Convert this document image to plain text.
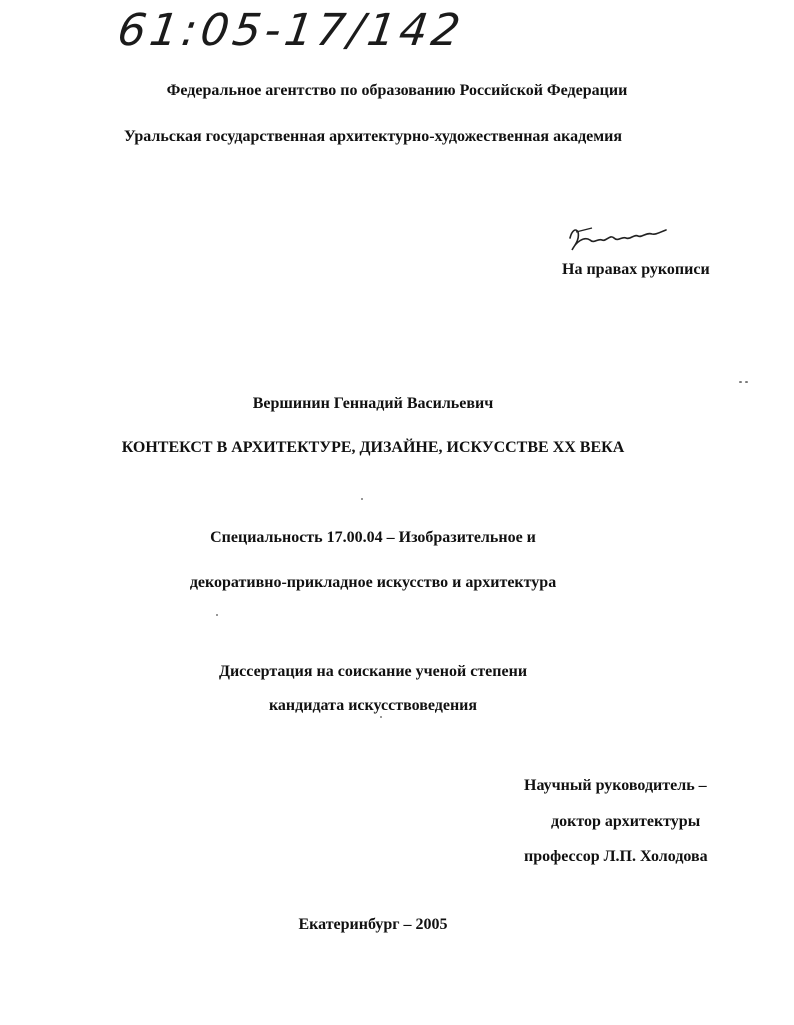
61:05-17/142
Федеральное агентство по образованию Российской Федерации
Уральская государственная архитектурно-художественная академия
На правах рукописи
Вершинин Геннадий Васильевич
КОНТЕКСТ В АРХИТЕКТУРЕ, ДИЗАЙНЕ, ИСКУССТВЕ XX ВЕКА
Специальность 17.00.04 – Изобразительное и
декоративно-прикладное искусство и архитектура
Диссертация на соискание ученой степени
кандидата искусствоведения
Научный руководитель –
доктор архитектуры
профессор Л.П. Холодова
Екатеринбург – 2005
